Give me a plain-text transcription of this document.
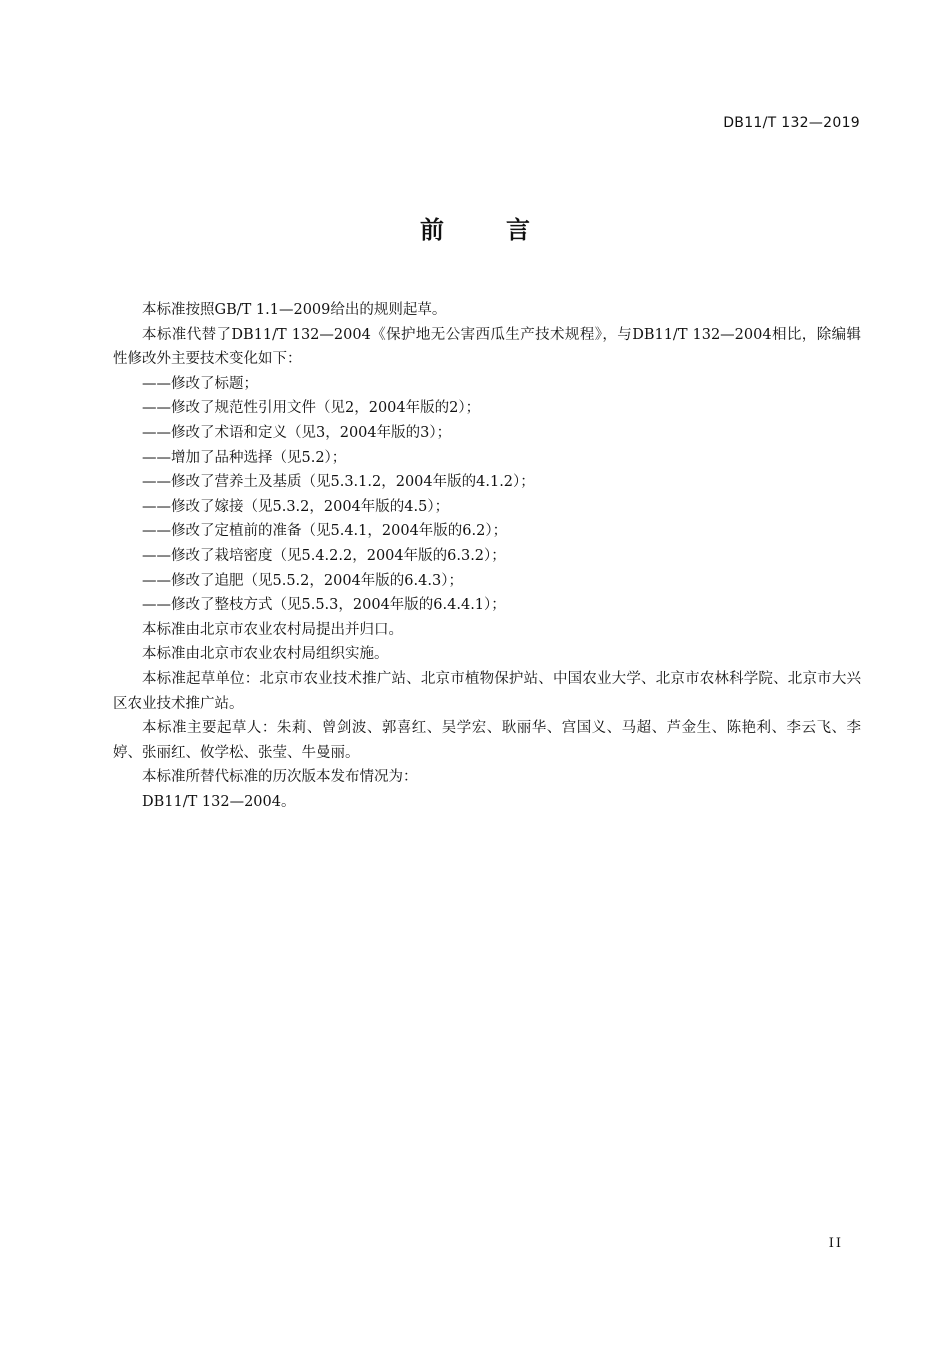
DB11/T 132—2019
前言

本标准按照GB/T 1.1—2009给出的规则起草。

本标准代替了DB11/T 132—2004《保护地无公害西瓜生产技术规程》，与DB11/T 132—2004相比，除编辑性修改外主要技术变化如下：

——修改了标题；

——修改了规范性引用文件（见2，2004年版的2）；

——修改了术语和定义（见3，2004年版的3）；

——增加了品种选择（见5.2）；

——修改了营养土及基质（见5.3.1.2，2004年版的4.1.2）；

——修改了嫁接（见5.3.2，2004年版的4.5）；

——修改了定植前的准备（见5.4.1，2004年版的6.2）；

——修改了栽培密度（见5.4.2.2，2004年版的6.3.2）；

——修改了追肥（见5.5.2，2004年版的6.4.3）；

——修改了整枝方式（见5.5.3，2004年版的6.4.4.1）；

本标准由北京市农业农村局提出并归口。

本标准由北京市农业农村局组织实施。

本标准起草单位：北京市农业技术推广站、北京市植物保护站、中国农业大学、北京市农林科学院、北京市大兴区农业技术推广站。

本标准主要起草人：朱莉、曾剑波、郭喜红、吴学宏、耿丽华、宫国义、马超、芦金生、陈艳利、李云飞、李婷、张丽红、攸学松、张莹、牛曼丽。

本标准所替代标准的历次版本发布情况为：

DB11/T 132—2004。

II
